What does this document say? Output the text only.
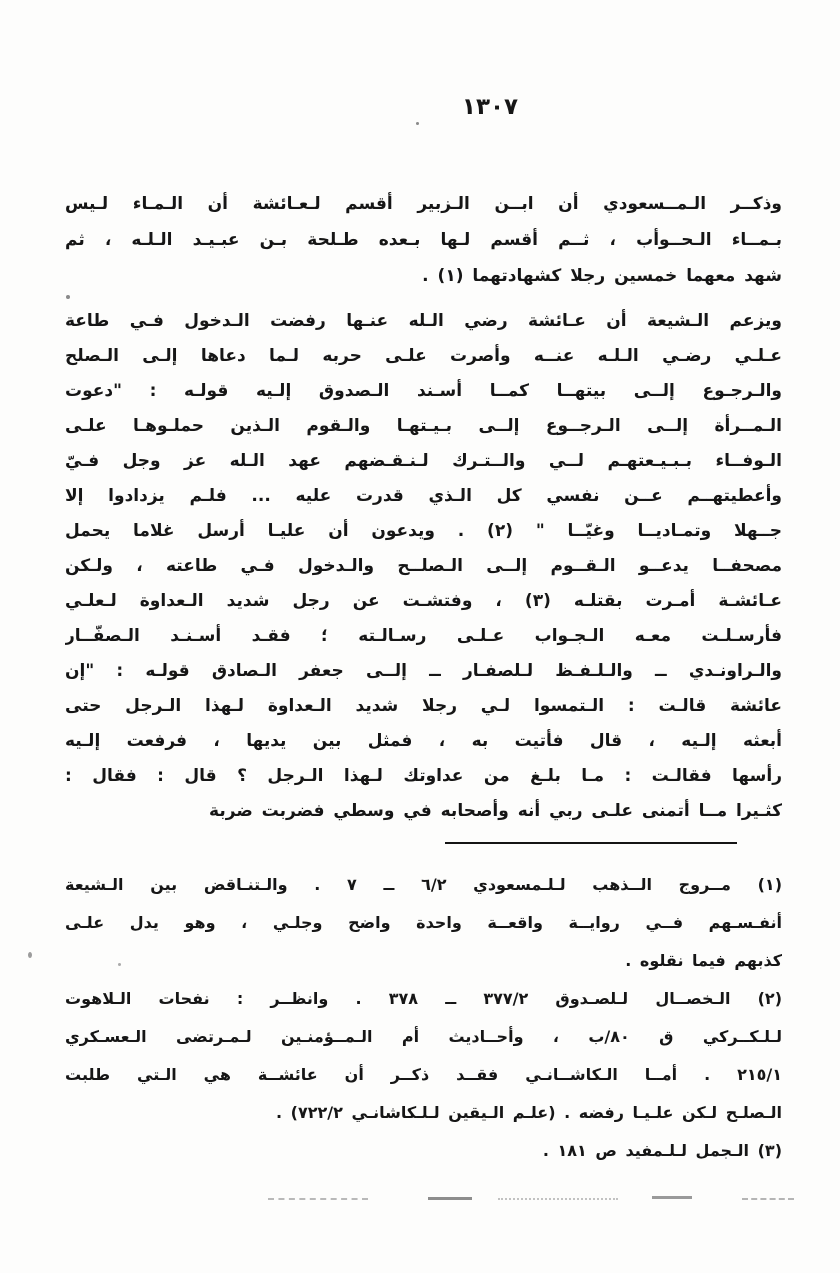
١٣٠٧
وذكــر الـمــسعودي أن ابــن الـزبير أقسم لـعـائشة أن الـمـاء لـيس
بـمــاء الـحــوأب ، ثــم أقسم لـها بـعده طـلحة بـن عبـيـد الـلـه ، ثم
شهد معهما خمسين رجلا كشهادتهما (١) .
ويزعم الـشيعة أن عـائشة رضي الـله عنـها رفضت الـدخول فـي طاعة
عـلـي رضـي الـلـه عنــه وأصرت علـى حربه لـما دعاها إلـى الـصلح
والـرجـوع إلــى بيتهــا كمــا أسـند الـصدوق إلـيه قولـه : "دعوت
الـمــرأة إلــى الـرجــوع إلــى بـيـتهـا والـقوم الـذين حملـوهـا علـى
الـوفــاء بـبـيـعتهـم لــي والــتـرك لـنـقـضهم عهد الـله عز وجل فـيّ
وأعطيتهــم عــن نفسي كل الـذي قدرت عليه ... فلـم يزدادوا إلا
جــهلا وتمـاديــا وغيّــا " (٢) . ويدعون أن عليـا أرسل غلاما يحمل
مصحفــا يدعــو الـقــوم إلــى الـصلــح والـدخول فـي طاعته ، ولـكن
عـائشـة أمـرت بقتلـه (٣) ، وفتشـت عن رجل شديد الـعداوة لـعلـي
فأرسـلـت معـه الـجـواب عـلـى رسـالـته ؛ فقـد أسـنـد الـصفّــار
والـراونـدي ــ والـلـفـظ لـلصفـار ــ إلــى جعفر الـصادق قولـه : "إن
عائشة قالـت : الـتمسوا لـي رجلا شديد الـعداوة لـهذا الـرجل حتى
أبعثه إلـيه ، قال فأتيت به ، فمثل بين يديها ، فرفعت إلـيه
رأسها فقالـت : مـا بلـغ من عداوتك لـهذا الـرجل ؟ قال : فقال :
كثـيرا مــا أتمنى علـى ربي أنه وأصحابه في وسطي فضربت ضربة
(١) مــروج الــذهب لـلـمسعودي ٦/٢ ــ ٧ . والـتنـاقض بين الـشيعة
أنفـسـهم فــي روايــة واقعــة واحدة واضح وجلـي ، وهو يدل علـى
كذبهم فيما نقلوه .
(٢) الـخصــال لـلصـدوق ٣٧٧/٢ ــ ٣٧٨ . وانظــر : نفحات الـلاهوت
لـلـكــركي ق ٨٠/ب ، وأحــاديث أم الـمــؤمنـين لـمـرتضى الـعسـكري
٢١٥/١ . أمــا الـكاشــانـي فقــد ذكــر أن عائشــة هي الـتي طلبت
الـصلـح لـكن علـيـا رفضه . (علـم الـيقين لـلـكاشانـي ٧٢٢/٢) .
(٣) الـجمل لـلـمفيد ص ١٨١ .
